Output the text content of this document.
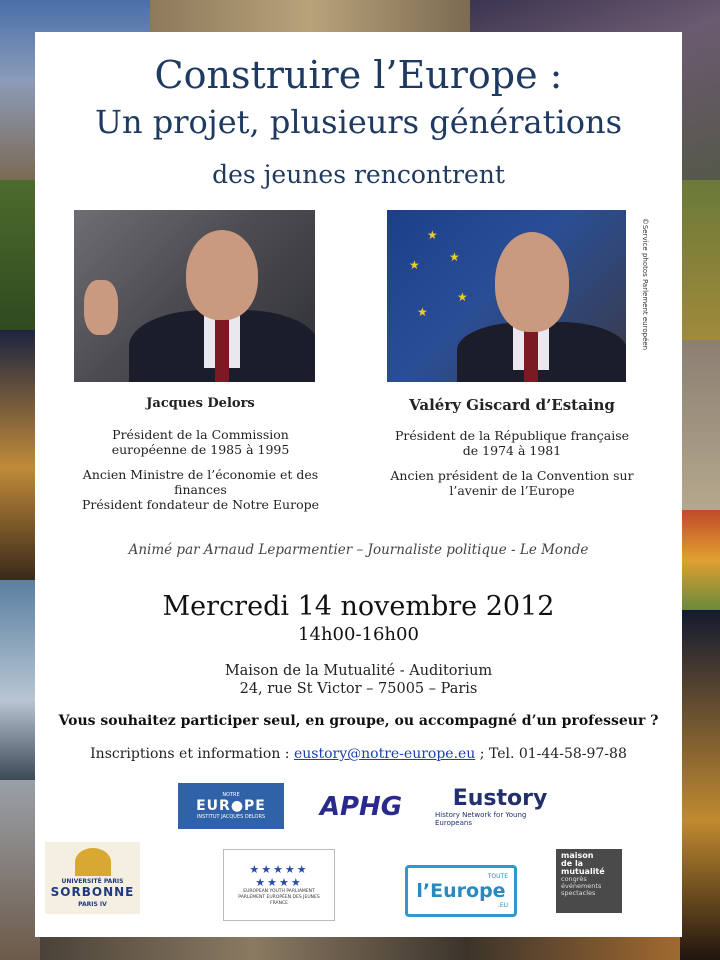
Construire l’Europe :
Un projet, plusieurs générations
des jeunes rencontrent
★
★
★
★
★	©Service photos Parlement européen
Jacques Delors
Président de la Commission européenne de 1985 à 1995
Ancien Ministre de l’économie et des finances
Président fondateur de Notre Europe
Valéry Giscard d’Estaing
Président de la République française de 1974 à 1981
Ancien président de la Convention sur l’avenir de l’Europe
Animé par Arnaud Leparmentier – Journaliste politique - Le Monde
Mercredi 14 novembre 2012
14h00-16h00
Maison de la Mutualité - Auditorium
24, rue St Victor – 75005 – Paris
Vous souhaitez participer seul, en groupe, ou accompagné d’un professeur ?
Inscriptions et information : eustory@notre-europe.eu ; Tel. 01-44-58-97-88
NOTRE
EUR●PE
INSTITUT JACQUES DELORS APHG Eustory
History Network for Young Europeans
UNIVERSITÉ PARIS
SORBONNE
PARIS IV
★★★★★
★★★★
EUROPEAN YOUTH PARLIAMENT
PARLEMENT EUROPÉEN DES JEUNES
FRANCE
TOUTE
l’Europe
.EU
maison
de la
mutualité
congrès
événements
spectacles
